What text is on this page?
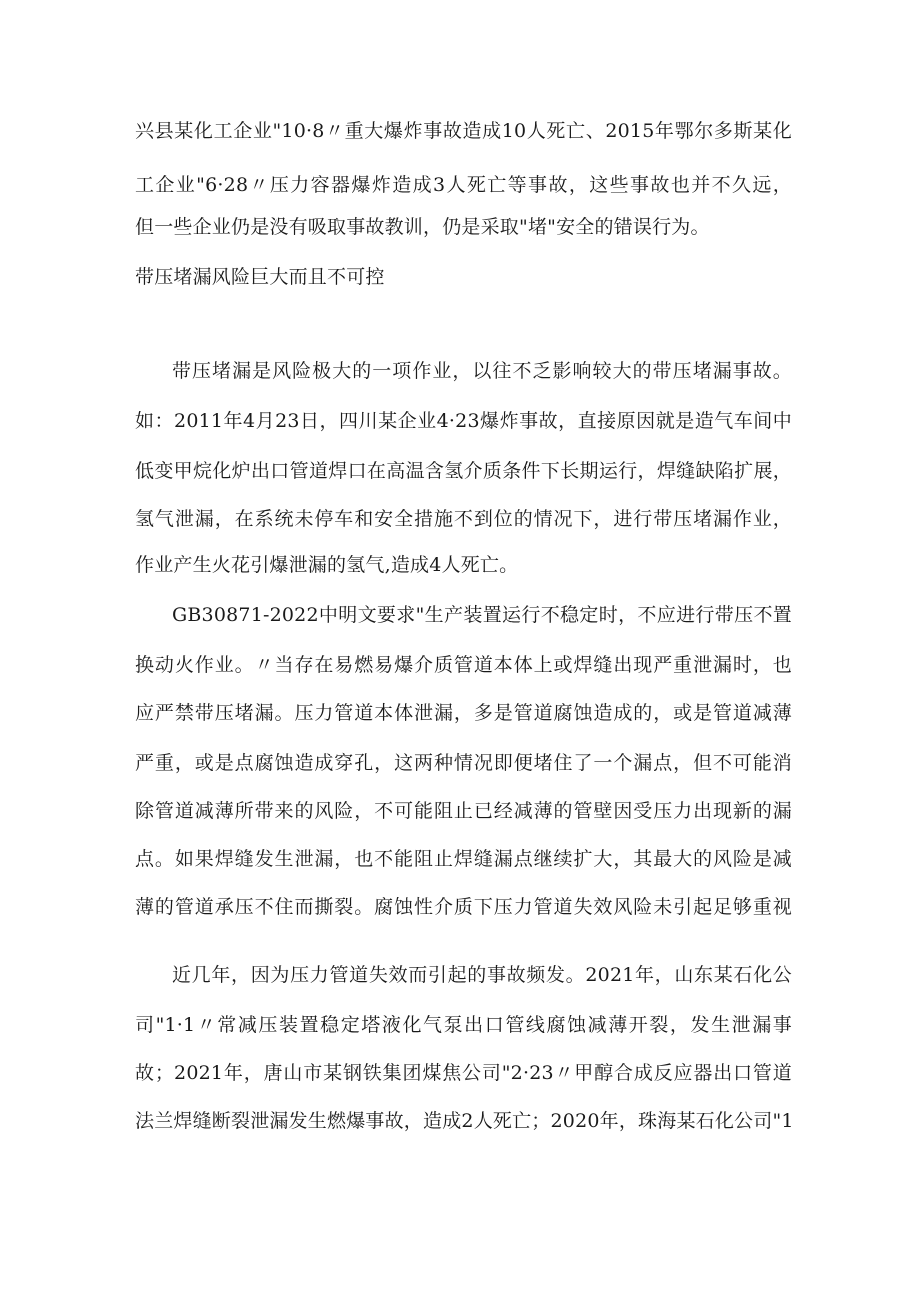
兴县某化工企业"10·8〃重大爆炸事故造成10人死亡、2015年鄂尔多斯某化
工企业"6·28〃压力容器爆炸造成3人死亡等事故，这些事故也并不久远，
但一些企业仍是没有吸取事故教训，仍是采取"堵"安全的错误行为。
带压堵漏风险巨大而且不可控
带压堵漏是风险极大的一项作业，以往不乏影响较大的带压堵漏事故。
如：2011年4月23日，四川某企业4·23爆炸事故，直接原因就是造气车间中
低变甲烷化炉出口管道焊口在高温含氢介质条件下长期运行，焊缝缺陷扩展，
氢气泄漏，在系统未停车和安全措施不到位的情况下，进行带压堵漏作业，
作业产生火花引爆泄漏的氢气,造成4人死亡。
GB30871-2022中明文要求"生产装置运行不稳定时，不应进行带压不置
换动火作业。〃当存在易燃易爆介质管道本体上或焊缝出现严重泄漏时，也
应严禁带压堵漏。压力管道本体泄漏，多是管道腐蚀造成的，或是管道减薄
严重，或是点腐蚀造成穿孔，这两种情况即便堵住了一个漏点，但不可能消
除管道减薄所带来的风险，不可能阻止已经减薄的管壁因受压力出现新的漏
点。如果焊缝发生泄漏，也不能阻止焊缝漏点继续扩大，其最大的风险是减
薄的管道承压不住而撕裂。腐蚀性介质下压力管道失效风险未引起足够重视
近几年，因为压力管道失效而引起的事故频发。2021年，山东某石化公
司"1·1〃常减压装置稳定塔液化气泵出口管线腐蚀减薄开裂，发生泄漏事
故；2021年，唐山市某钢铁集团煤焦公司"2·23〃甲醇合成反应器出口管道
法兰焊缝断裂泄漏发生燃爆事故，造成2人死亡；2020年，珠海某石化公司"1
